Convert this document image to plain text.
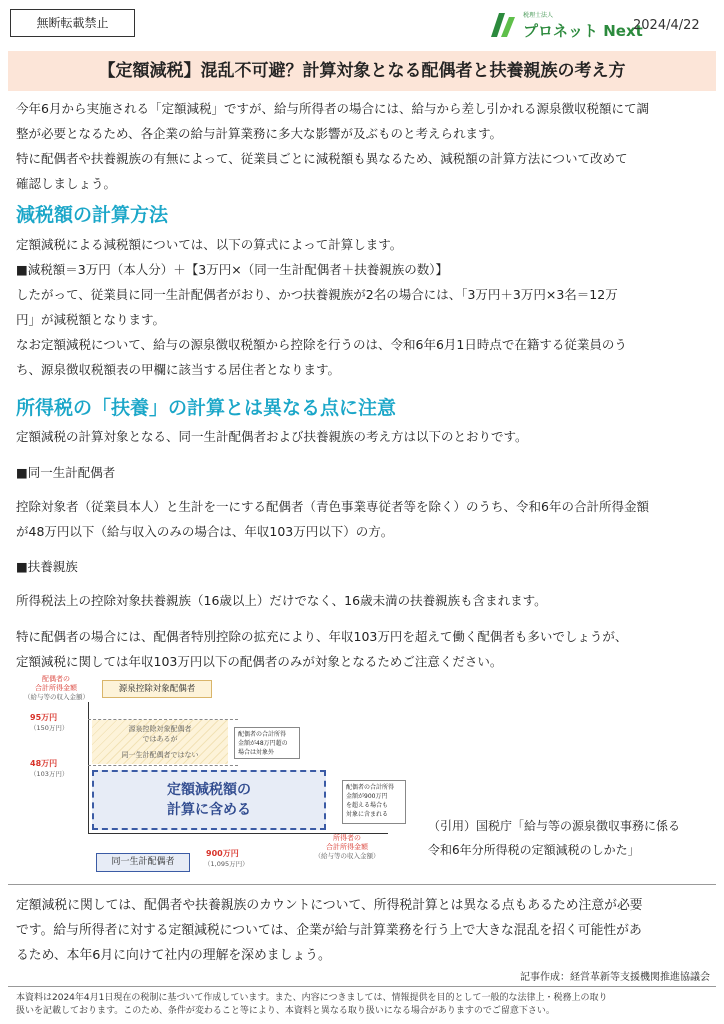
無断転載禁止
税理士法人
プロネット Next
2024/4/22
【定額減税】混乱不可避？計算対象となる配偶者と扶養親族の考え方
今年6月から実施される「定額減税」ですが、給与所得者の場合には、給与から差し引かれる源泉徴収税額にて調
整が必要となるため、各企業の給与計算業務に多大な影響が及ぶものと考えられます。
特に配偶者や扶養親族の有無によって、従業員ごとに減税額も異なるため、減税額の計算方法について改めて
確認しましょう。
減税額の計算方法
定額減税による減税額については、以下の算式によって計算します。
■減税額＝3万円（本人分）＋【3万円×（同一生計配偶者＋扶養親族の数）】
したがって、従業員に同一生計配偶者がおり、かつ扶養親族が2名の場合には、「3万円＋3万円×3名＝12万
円」が減税額となります。
なお定額減税について、給与の源泉徴収税額から控除を行うのは、令和6年6月1日時点で在籍する従業員のう
ち、源泉徴収税額表の甲欄に該当する居住者となります。
所得税の「扶養」の計算とは異なる点に注意
定額減税の計算対象となる、同一生計配偶者および扶養親族の考え方は以下のとおりです。
■同一生計配偶者
控除対象者（従業員本人）と生計を一にする配偶者（青色事業専従者等を除く）のうち、令和6年の合計所得金額
が48万円以下（給与収入のみの場合は、年収103万円以下）の方。
■扶養親族
所得税法上の控除対象扶養親族（16歳以上）だけでなく、16歳未満の扶養親族も含まれます。
特に配偶者の場合には、配偶者特別控除の拡充により、年収103万円を超えて働く配偶者も多いでしょうが、
定額減税に関しては年収103万円以下の配偶者のみが対象となるためご注意ください。
配偶者の
合計所得金額
（給与等の収入金額）
源泉控除対象配偶者
95万円
（150万円）
48万円
（103万円）
源泉控除対象配偶者
ではあるが
同一生計配偶者ではない
配偶者の合計所得
金額が48万円超の
場合は対象外
定額減税額の
計算に含める
配偶者の合計所得
金額が900万円
を超える場合も
対象に含まれる
900万円
（1,095万円）
所得者の
合計所得金額
（給与等の収入金額）
同一生計配偶者
（引用）国税庁「給与等の源泉徴収事務に係る
令和6年分所得税の定額減税のしかた」
定額減税に関しては、配偶者や扶養親族のカウントについて、所得税計算とは異なる点もあるため注意が必要
です。給与所得者に対する定額減税については、企業が給与計算業務を行う上で大きな混乱を招く可能性があ
るため、本年6月に向けて社内の理解を深めましょう。
記事作成：経営革新等支援機関推進協議会
本資料は2024年4月1日現在の税制に基づいて作成しています。また、内容につきましては、情報提供を目的として一般的な法律上・税務上の取り
扱いを記載しております。このため、条件が変わること等により、本資料と異なる取り扱いになる場合がありますのでご留意下さい。
